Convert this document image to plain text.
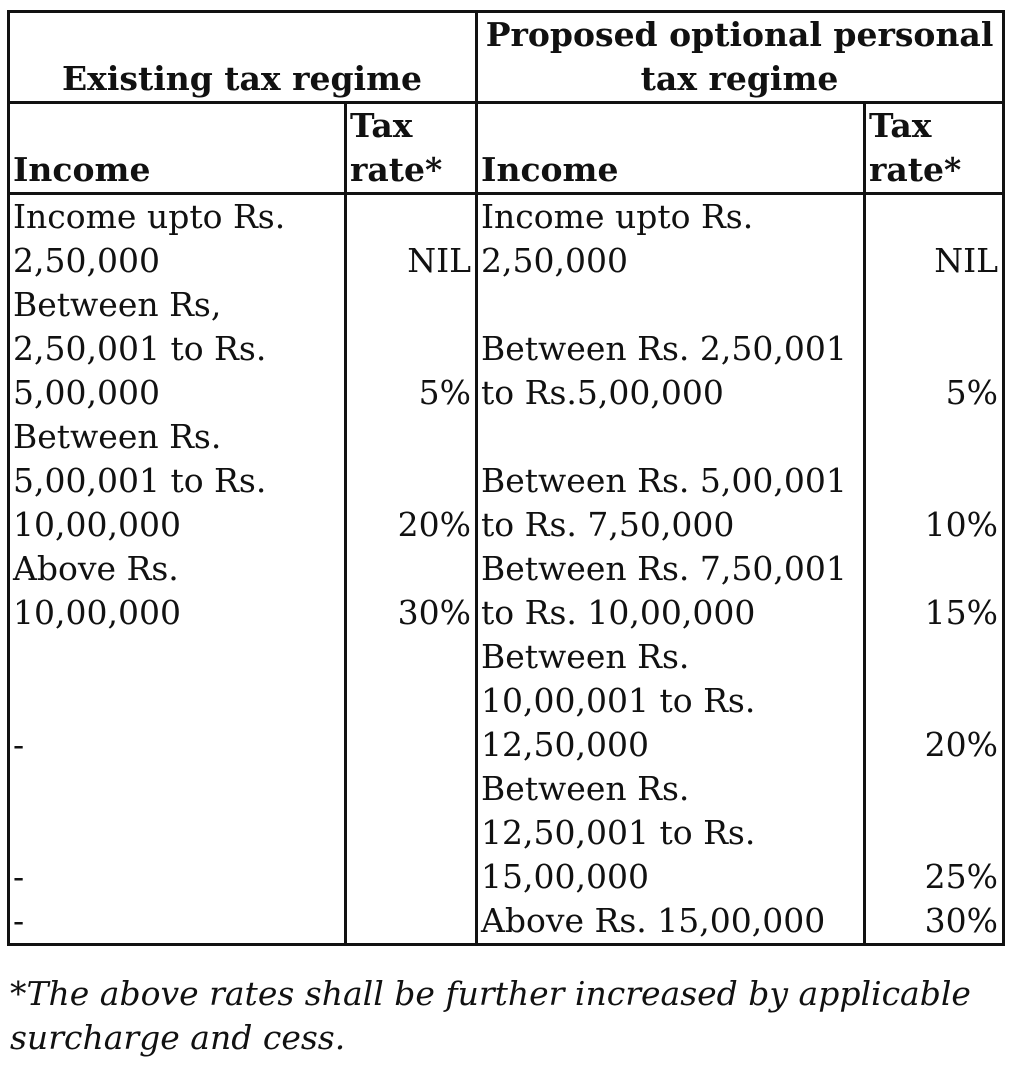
Existing tax regime		Proposed optional personal tax regime	
Income	Tax rate*	Income	Tax rate*
Income upto Rs. 2,50,000	NIL	Income upto Rs. 2,50,000	NIL
Between Rs, 2,50,001 to Rs. 5,00,000	5%	Between Rs. 2,50,001 to Rs.5,00,000	5%
Between Rs. 5,00,001 to Rs. 10,00,000	20%	Between Rs. 5,00,001 to Rs. 7,50,000	10%
Above Rs. 10,00,000	30%	Between Rs. 7,50,001 to Rs. 10,00,000	15%
-		Between Rs. 10,00,001 to Rs. 12,50,000	20%
-		Between Rs. 12,50,001 to Rs. 15,00,000	25%
-		Above Rs. 15,00,000	30%

*The above rates shall be further increased by applicable surcharge and cess.
